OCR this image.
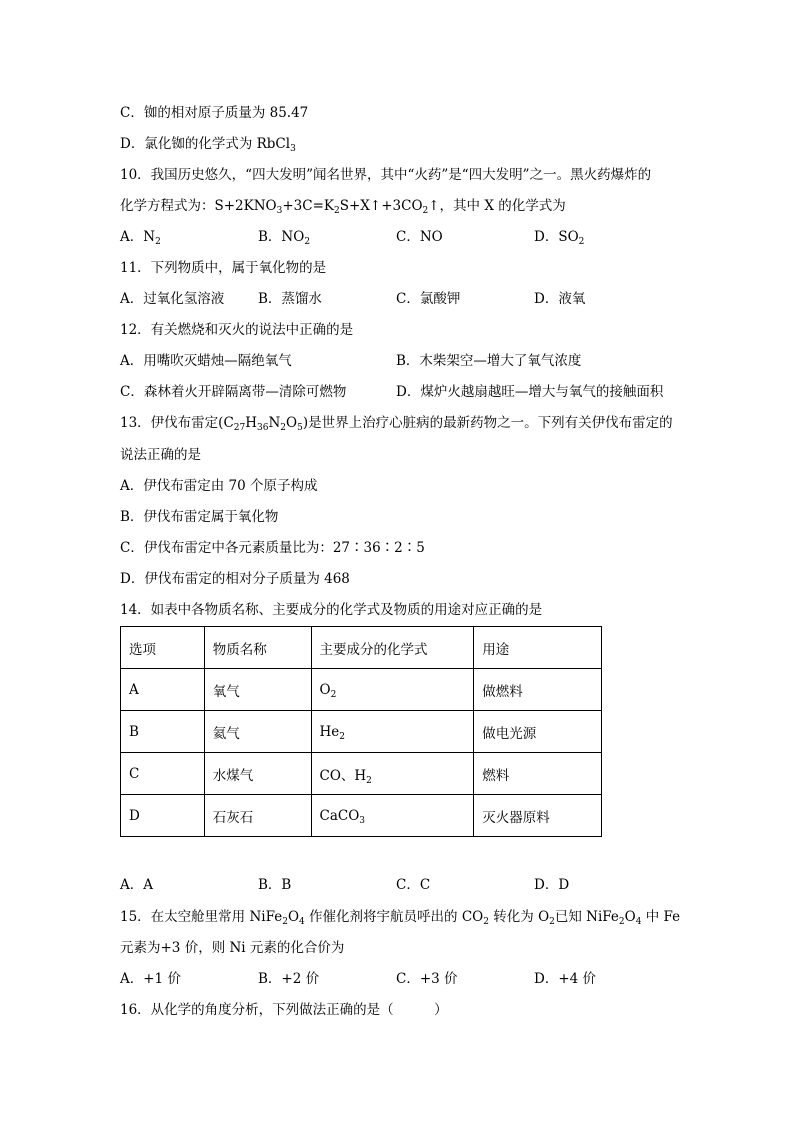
C．铷的相对原子质量为 85.47
D．氯化铷的化学式为 RbCl$_3$
10．我国历史悠久，“四大发明”闻名世界，其中“火药”是“四大发明”之一。黑火药爆炸的
化学方程式为：$S+2KNO_3+3C=K_2S+X↑+3CO_2↑$，其中 X 的化学式为
A．$N_2$	B．$NO_2$	C．NO	D．$SO_2$
11．下列物质中，属于氧化物的是
A．过氧化氢溶液	B．蒸馏水	C．氯酸钾	D．液氧
12．有关燃烧和灭火的说法中正确的是
A．用嘴吹灭蜡烛—隔绝氧气	B．木柴架空—增大了氧气浓度
C．森林着火开辟隔离带—清除可燃物	D．煤炉火越扇越旺—增大与氧气的接触面积
13．伊伐布雷定$(C_{27}H_{36}N_2O_5)$是世界上治疗心脏病的最新药物之一。下列有关伊伐布雷定的
说法正确的是
A．伊伐布雷定由 70 个原子构成
B．伊伐布雷定属于氧化物
C．伊伐布雷定中各元素质量比为：27∶36∶2∶5
D．伊伐布雷定的相对分子质量为 468
14．如表中各物质名称、主要成分的化学式及物质的用途对应正确的是
选项	物质名称	主要成分的化学式	用途
A	氧气	$O_2$	做燃料
B	氦气	$He_2$	做电光源
C	水煤气	CO、$H_2$	燃料
D	石灰石	CaCO$_3$	灭火器原料
A．A	B．B	C．C	D．D
15．在太空舱里常用 $NiFe_2O_4$ 作催化剂将宇航员呼出的 $CO_2$ 转化为 $O_2$已知 $NiFe_2O_4$ 中 Fe
元素为+3 价，则 Ni 元素的化合价为
A．+1 价	B．+2 价	C．+3 价	D．+4 价
16．从化学的角度分析，下列做法正确的是（　　　）
